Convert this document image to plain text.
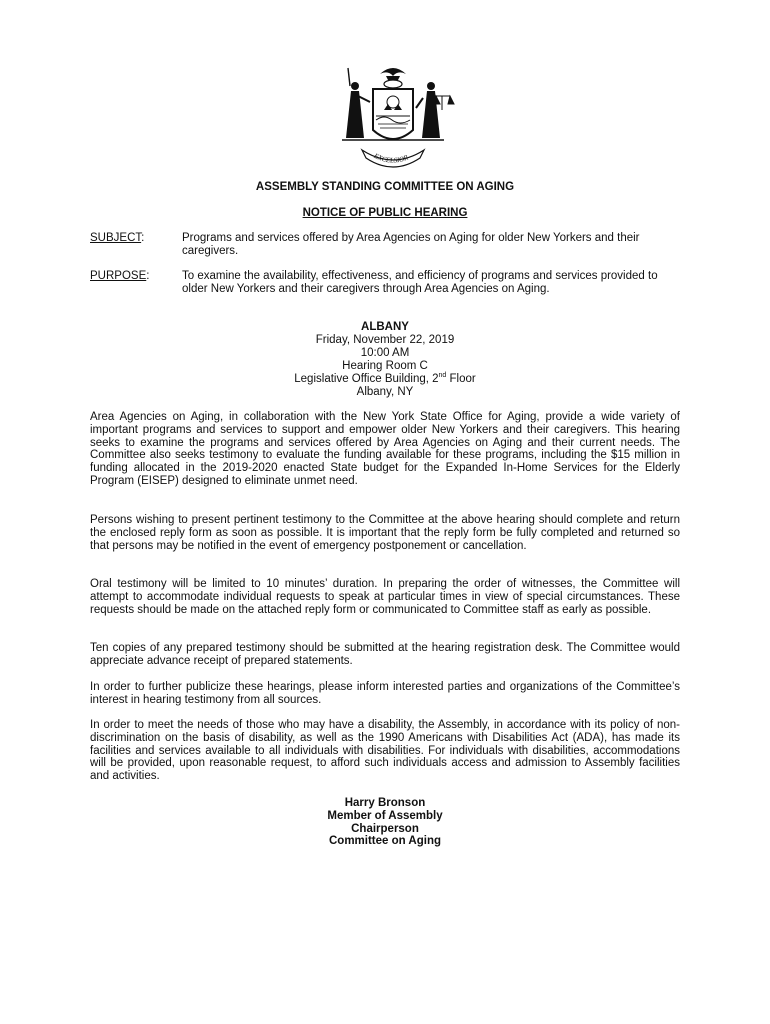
EXCELSIOR
ASSEMBLY STANDING COMMITTEE ON AGING
NOTICE OF PUBLIC HEARING
SUBJECT:	Programs and services offered by Area Agencies on Aging for older New Yorkers and their caregivers.
PURPOSE:	To examine the availability, effectiveness, and efficiency of programs and services provided to older New Yorkers and their caregivers through Area Agencies on Aging.
ALBANY
Friday, November 22, 2019
10:00 AM
Hearing Room C
Legislative Office Building, 2nd Floor
Albany, NY
Area Agencies on Aging, in collaboration with the New York State Office for Aging, provide a wide variety of important programs and services to support and empower older New Yorkers and their caregivers. This hearing seeks to examine the programs and services offered by Area Agencies on Aging and their current needs. The Committee also seeks testimony to evaluate the funding available for these programs, including the $15 million in funding allocated in the 2019-2020 enacted State budget for the Expanded In-Home Services for the Elderly Program (EISEP) designed to eliminate unmet need.
Persons wishing to present pertinent testimony to the Committee at the above hearing should complete and return the enclosed reply form as soon as possible. It is important that the reply form be fully completed and returned so that persons may be notified in the event of emergency postponement or cancellation.
Oral testimony will be limited to 10 minutes’ duration. In preparing the order of witnesses, the Committee will attempt to accommodate individual requests to speak at particular times in view of special circumstances. These requests should be made on the attached reply form or communicated to Committee staff as early as possible.
Ten copies of any prepared testimony should be submitted at the hearing registration desk. The Committee would appreciate advance receipt of prepared statements.
In order to further publicize these hearings, please inform interested parties and organizations of the Committee’s interest in hearing testimony from all sources.
In order to meet the needs of those who may have a disability, the Assembly, in accordance with its policy of non-discrimination on the basis of disability, as well as the 1990 Americans with Disabilities Act (ADA), has made its facilities and services available to all individuals with disabilities. For individuals with disabilities, accommodations will be provided, upon reasonable request, to afford such individuals access and admission to Assembly facilities and activities.
Harry Bronson
Member of Assembly
Chairperson
Committee on Aging
